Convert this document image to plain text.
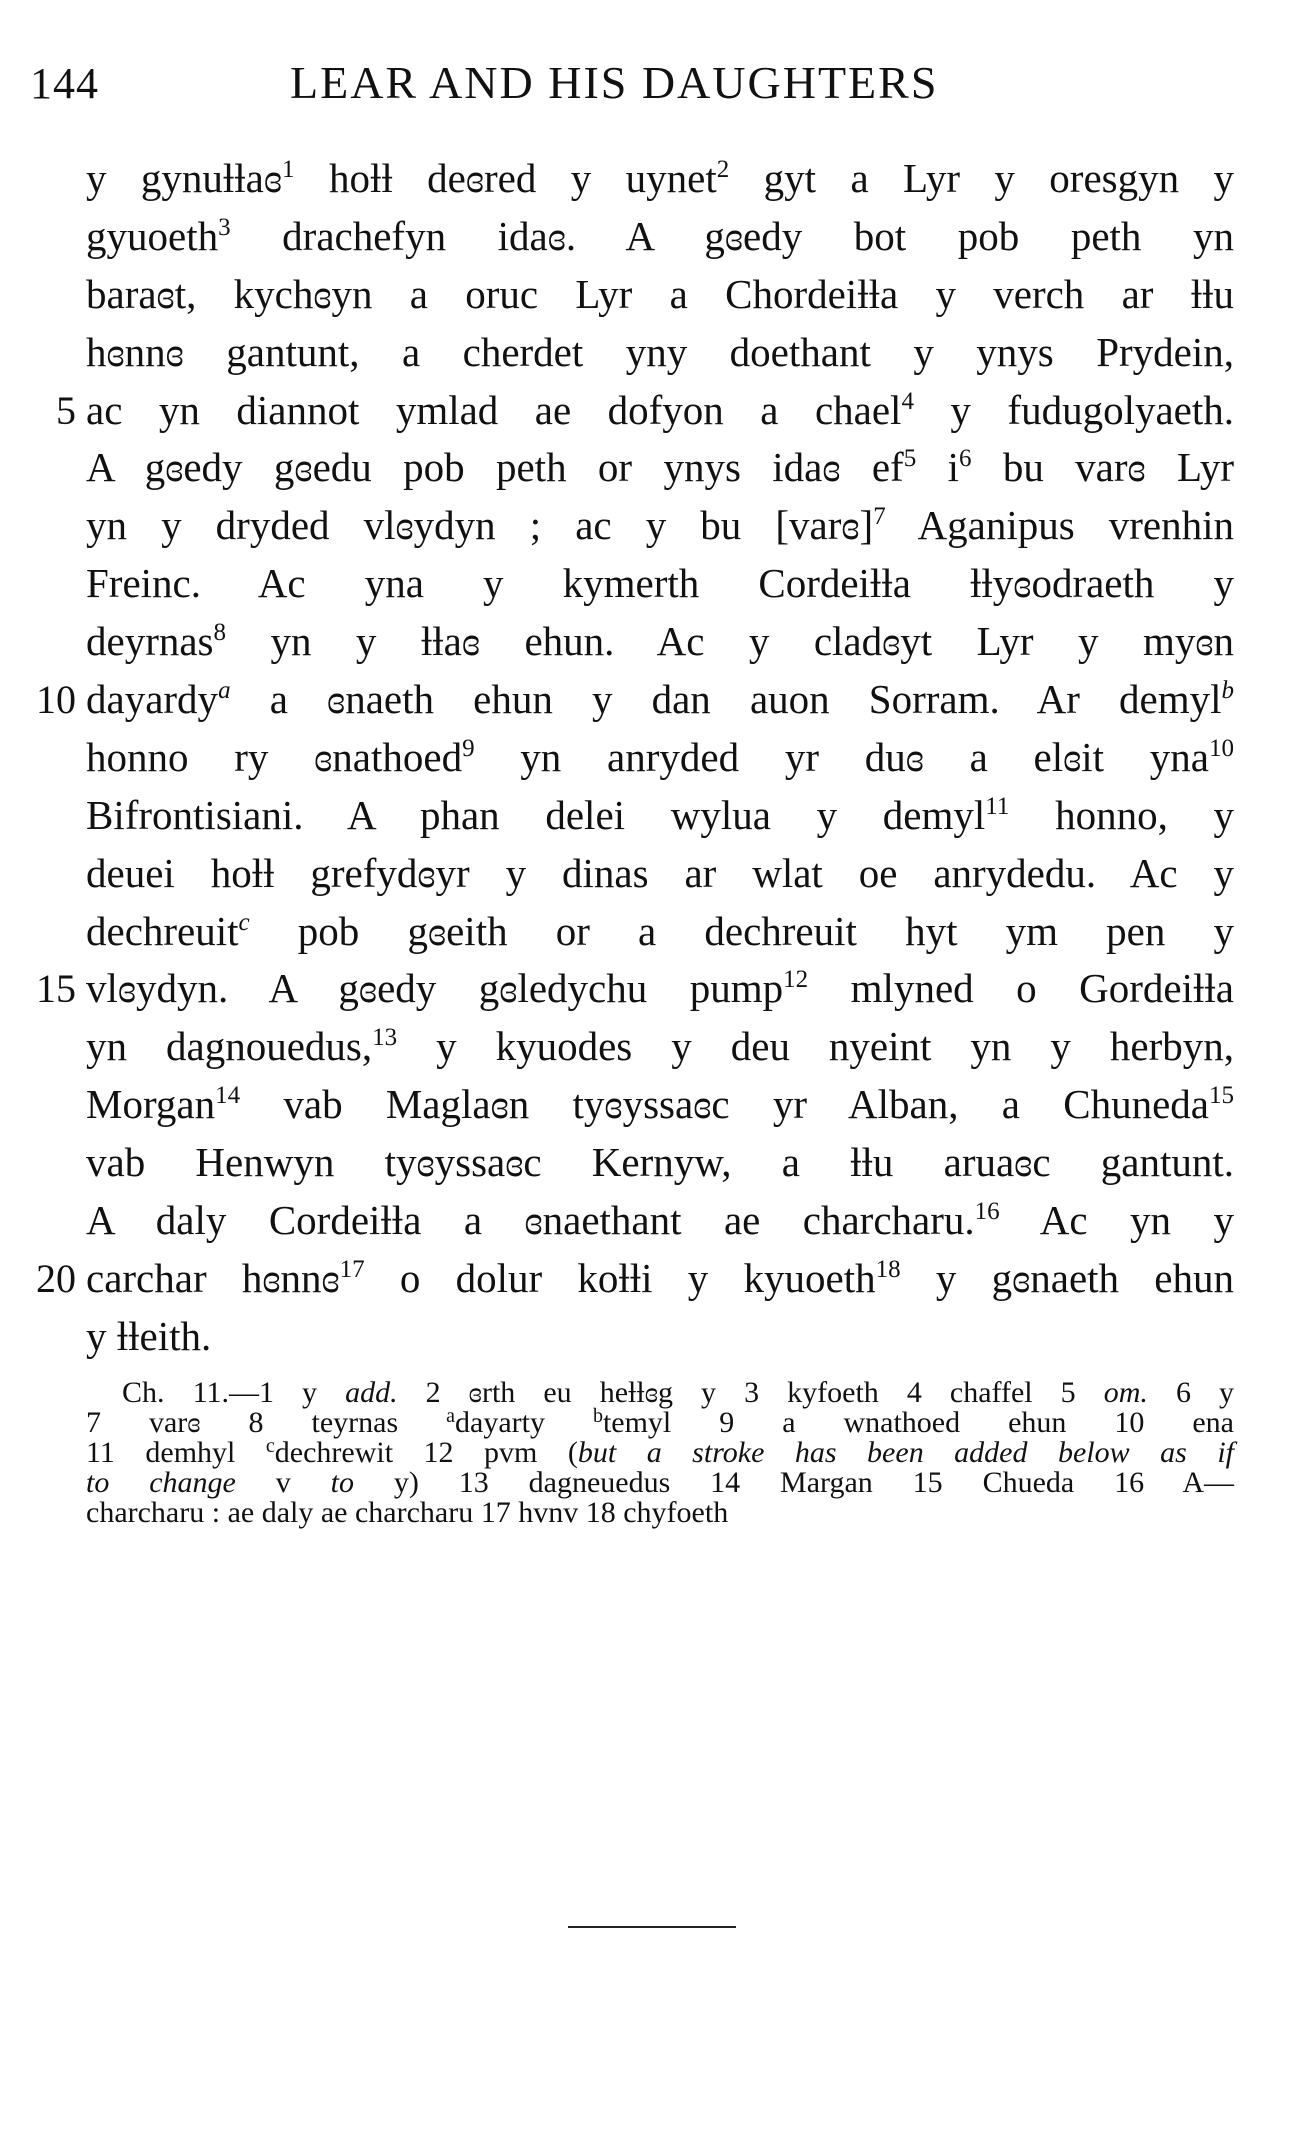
144	LEAR AND HIS DAUGHTERS
y gynuƚƚaɞ$^1$ hoƚƚ deɞred y uynet$^2$ gyt a Lyr y oresgyn y
gyuoeth$^3$ drachefyn idaɞ. A gɞedy bot pob peth yn
baraɞt, kychɞyn a oruc Lyr a Chordeiƚƚa y verch ar ƚƚu
hɞnnɞ gantunt, a cherdet yny doethant y ynys Prydein,
5 ac yn diannot ymlad ae dofyon a chael$^4$ y fudugolyaeth.
A gɞedy gɞedu pob peth or ynys idaɞ $ef^5$ $i^6$ bu varɞ Lyr
yn y dryded vlɞydyn ; ac y bu [varɞ]$^7$ Aganipus vrenhin
Freinc. Ac yna y kymerth Cordeiƚƚa ƚƚyɞodraeth y
deyrnas$^8$ yn y ƚƚaɞ ehun. Ac y cladɞyt Lyr y myɞn
10 dayardy$^a$ a ɞnaeth ehun y dan auon Sorram. Ar demyl$^b$
honno ry ɞnathoed$^9$ yn anryded yr duɞ a elɞit yna$^{10}$
Bifrontisiani. A phan delei wylua y demyl$^{11}$ honno, y
deuei hoƚƚ grefydɞyr y dinas ar wlat oe anrydedu. Ac y
dechreuit$^c$ pob gɞeith or a dechreuit hyt ym pen y
15 vlɞydyn. A gɞedy gɞledychu pump$^{12}$ mlyned o Gordeiƚƚa
yn dagnouedus,$^{13}$ y kyuodes y deu nyeint yn y herbyn,
Morgan$^{14}$ vab Maglaɞn tyɞyssaɞc yr Alban, a Chuneda$^{15}$
vab Henwyn tyɞyssaɞc Kernyw, a ƚƚu aruaɞc gantunt.
A daly Cordeiƚƚa a ɞnaethant ae charcharu.$^{16}$ Ac yn y
20 carchar hɞnnɞ$^{17}$ o dolur koƚƚi y kyuoeth$^{18}$ y gɞnaeth ehun
y ƚƚeith.
Ch. 11.—1 y add. 2 ɞrth eu heƚƚɞg y 3 kyfoeth 4 chaffel 5 om. 6 y
7 varɞ 8 teyrnas $^a$dayarty $^b$temyl 9 a wnathoed ehun 10 ena
11 demhyl $^c$dechrewit 12 pvm (but a stroke has been added below as if
to change v to y) 13 dagneuedus 14 Margan 15 Chueda 16 A—
charcharu : ae daly ae charcharu 17 hvnv 18 chyfoeth
